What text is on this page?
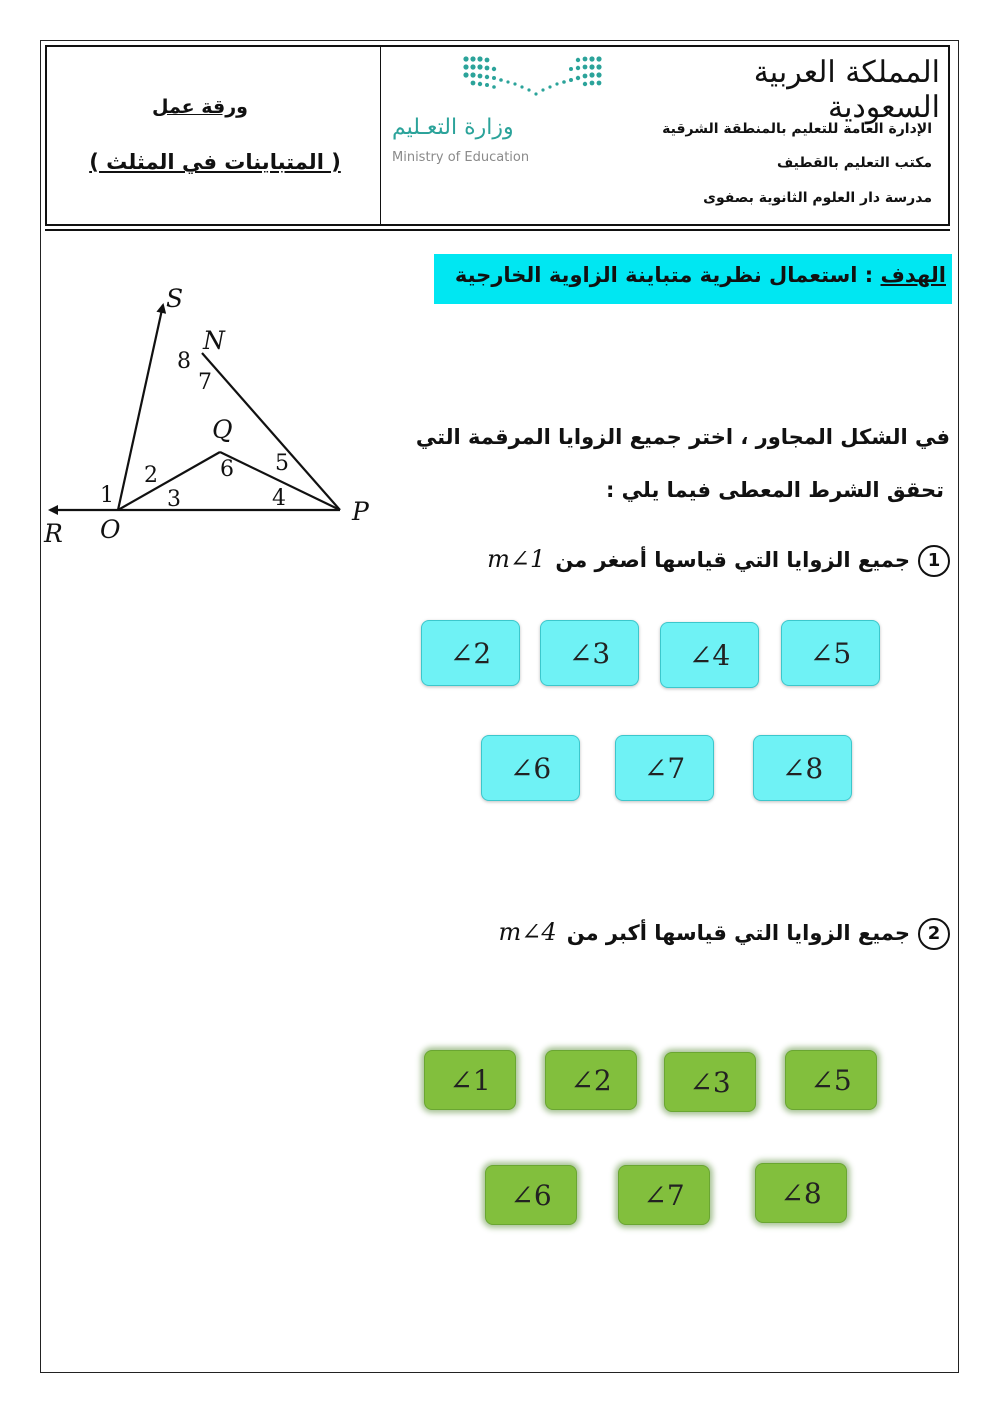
ورقة عمل
( المتباينات في المثلث )
وزارة التعـليم
Ministry of Education
المملكة العربية السعودية
الإدارة العامة للتعليم بالمنطقة الشرقية
مكتب التعليم بالقطيف
مدرسة دار العلوم الثانوية بصفوى
الهدف : استعمال نظرية متباينة الزاوية الخارجية
في الشكل المجاور ، اختر جميع الزوايا المرقمة التي
تحقق الشرط المعطى فيما يلي :
S
N
Q
O
P
R
1
2
3	4
5
6
7
8
1جميع الزوايا التي قياسها أصغر منm∠1
∠2	∠3	∠4	∠5
∠6	∠7	∠8
2جميع الزوايا التي قياسها أكبر منm∠4
∠1	∠2	∠3	∠5
∠6	∠7	∠8
